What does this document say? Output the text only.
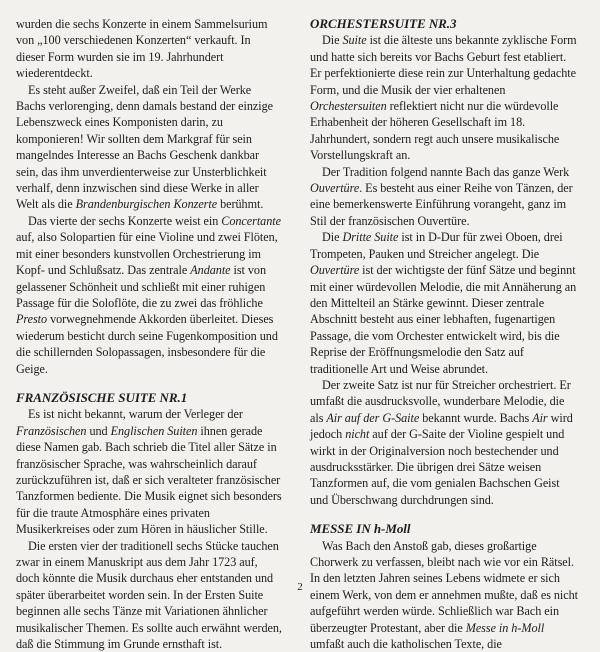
wurden die sechs Konzerte in einem Sammelsurium von „100 verschiedenen Konzerten“ verkauft. In dieser Form wurden sie im 19. Jahrhundert wiederentdeckt.

Es steht außer Zweifel, daß ein Teil der Werke Bachs verlorenging, denn damals bestand der einzige Lebenszweck eines Komponisten darin, zu komponieren! Wir sollten dem Markgraf für sein mangelndes Interesse an Bachs Geschenk dankbar sein, das ihm unverdienterweise zur Unsterblichkeit verhalf, denn inzwischen sind diese Werke in aller Welt als die Brandenburgischen Konzerte berühmt.

Das vierte der sechs Konzerte weist ein Concertante auf, also Solopartien für eine Violine und zwei Flöten, mit einer besonders kunstvollen Orchestrierung im Kopf- und Schlußsatz. Das zentrale Andante ist von gelassener Schönheit und schließt mit einer ruhigen Passage für die Soloflöte, die zu zwei das fröhliche Presto vorwegnehmende Akkorden überleitet. Dieses wiederum besticht durch seine Fugenkomposition und die schillernden Solopassagen, insbesondere für die Geige.

FRANZÖSISCHE SUITE NR.1

Es ist nicht bekannt, warum der Verleger der Französischen und Englischen Suiten ihnen gerade diese Namen gab. Bach schrieb die Titel aller Sätze in französischer Sprache, was wahrscheinlich darauf zurückzuführen ist, daß er sich veralteter französischer Tanzformen bediente. Die Musik eignet sich besonders für die traute Atmosphäre eines privaten Musikerkreises oder zum Hören in häuslicher Stille.

Die ersten vier der traditionell sechs Stücke tauchen zwar in einem Manuskript aus dem Jahr 1723 auf, doch könnte die Musik durchaus eher entstanden und später überarbeitet worden sein. In der Ersten Suite beginnen alle sechs Tänze mit Variationen ähnlicher musikalischer Themen. Es sollte auch erwähnt werden, daß die Stimmung im Grunde ernsthaft ist.

ORCHESTERSUITE NR.3

Die Suite ist die älteste uns bekannte zyklische Form und hatte sich bereits vor Bachs Geburt fest etabliert. Er perfektionierte diese rein zur Unterhaltung gedachte Form, und die Musik der vier erhaltenen Orchestersuiten reflektiert nicht nur die würdevolle Erhabenheit der höheren Gesellschaft im 18. Jahrhundert, sondern regt auch unsere musikalische Vorstellungskraft an.

Der Tradition folgend nannte Bach das ganze Werk Ouvertüre. Es besteht aus einer Reihe von Tänzen, der eine bemerkenswerte Einführung vorangeht, ganz im Stil der französischen Ouvertüre.

Die Dritte Suite ist in D-Dur für zwei Oboen, drei Trompeten, Pauken und Streicher angelegt. Die Ouvertüre ist der wichtigste der fünf Sätze und beginnt mit einer würdevollen Melodie, die mit Annäherung an den Mittelteil an Stärke gewinnt. Dieser zentrale Abschnitt besteht aus einer lebhaften, fugenartigen Passage, die vom Orchester entwickelt wird, bis die Reprise der Eröffnungsmelodie den Satz auf traditionelle Art und Weise abrundet.

Der zweite Satz ist nur für Streicher orchestriert. Er umfaßt die ausdrucksvolle, wunderbare Melodie, die als Air auf der G-Saite bekannt wurde. Bachs Air wird jedoch nicht auf der G-Saite der Violine gespielt und wirkt in der Originalversion noch bestechender und ausdrucksstärker. Die übrigen drei Sätze weisen Tanzformen auf, die vom genialen Bachschen Geist und Überschwang durchdrungen sind.

MESSE IN h-Moll

Was Bach den Anstoß gab, dieses großartige Chorwerk zu verfassen, bleibt nach wie vor ein Rätsel. In den letzten Jahren seines Lebens widmete er sich einem Werk, von dem er annehmen mußte, daß es nicht aufgeführt werden würde. Schließlich war Bach ein überzeugter Protestant, aber die Messe in h-Moll umfaßt auch die katholischen Texte, die

2
